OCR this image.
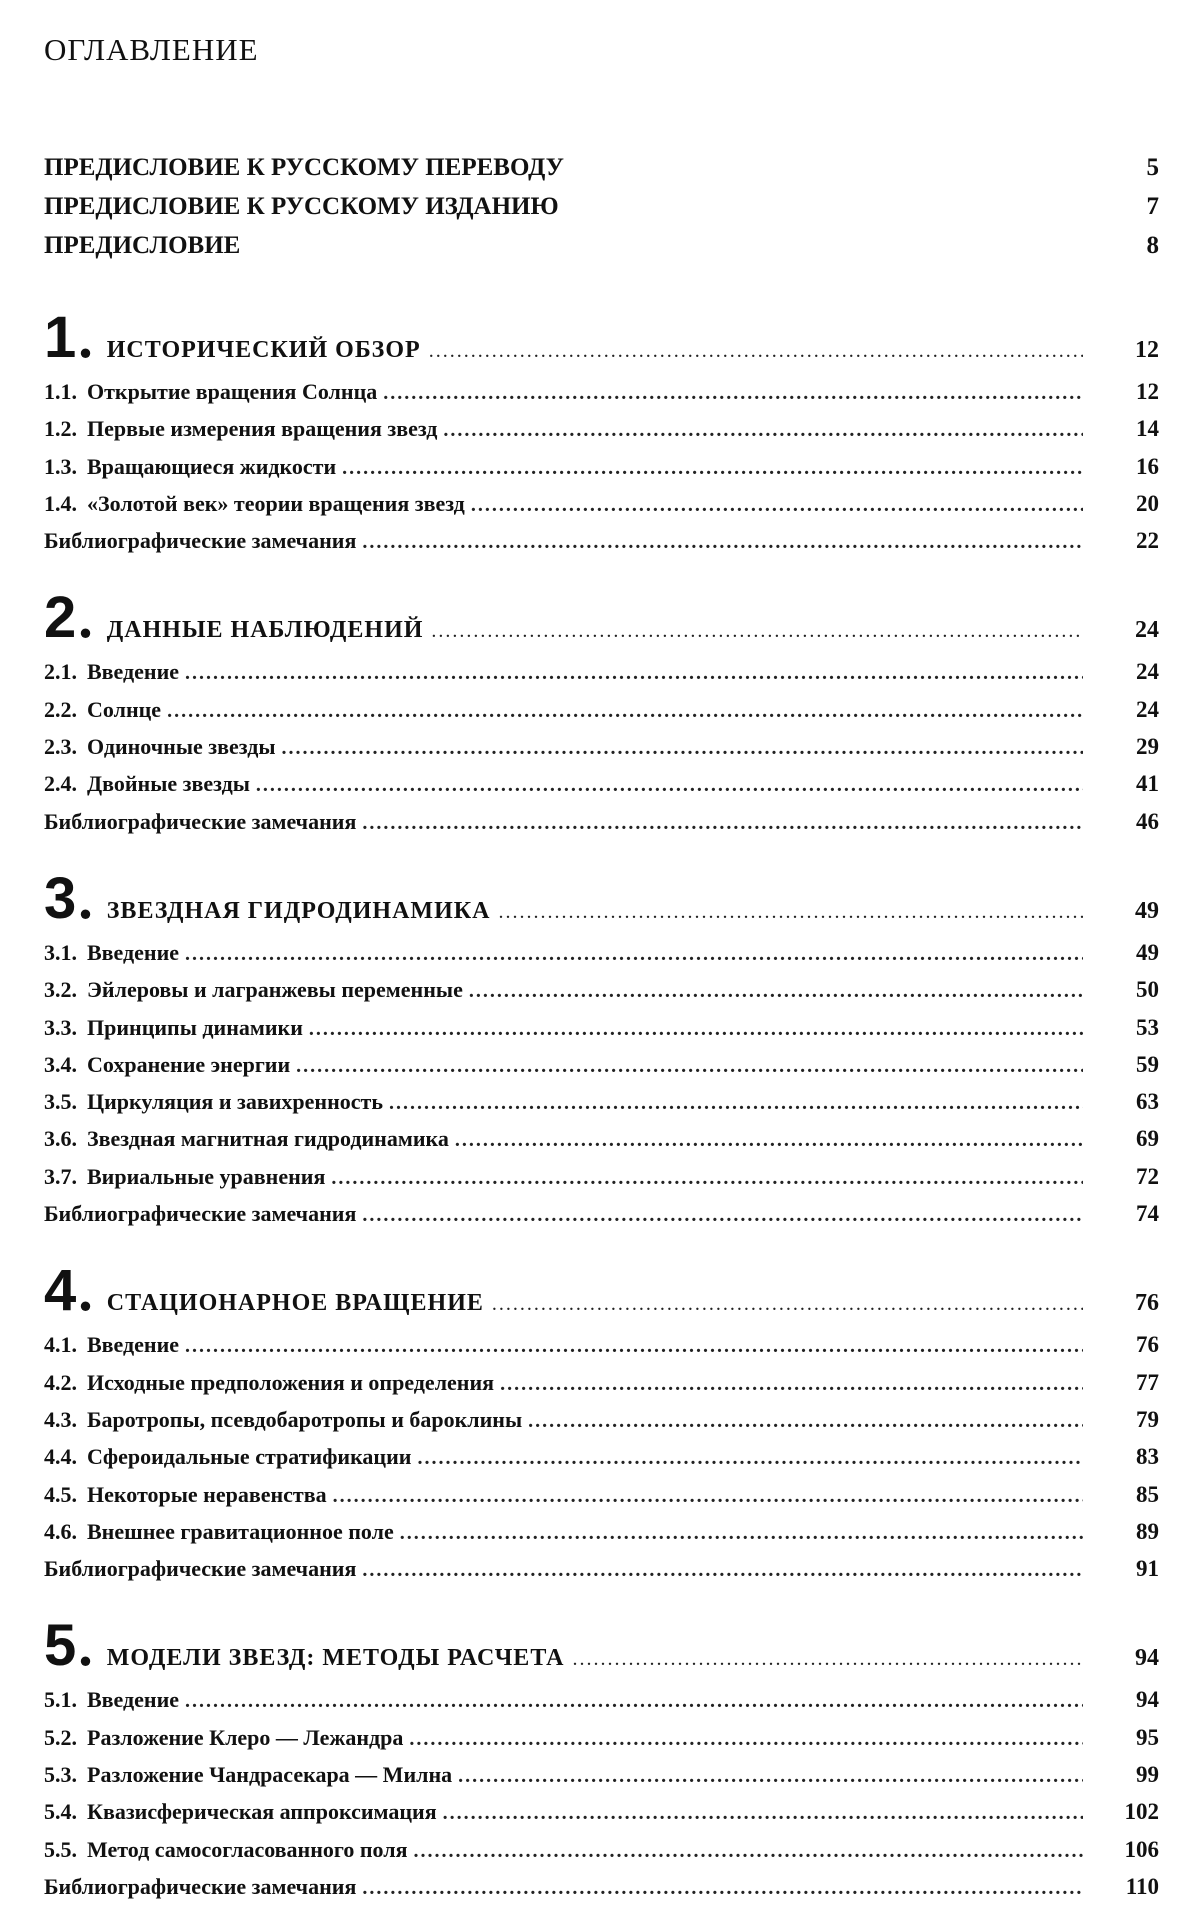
ОГЛАВЛЕНИЕ
ПРЕДИСЛОВИЕ К РУССКОМУ ПЕРЕВОДУ	5
ПРЕДИСЛОВИЕ К РУССКОМУ ИЗДАНИЮ	7
ПРЕДИСЛОВИЕ	8
1 . ИСТОРИЧЕСКИЙ ОБЗОР .....	12
1.1. Открытие вращения Солнца .....	12
1.2. Первые измерения вращения звезд .....	14
1.3. Вращающиеся жидкости .....	16
1.4. «Золотой век» теории вращения звезд .....	20
Библиографические замечания .....	22
2 . ДАННЫЕ НАБЛЮДЕНИЙ .....	24
2.1. Введение .....	24
2.2. Солнце .....	24
2.3. Одиночные звезды .....	29
2.4. Двойные звезды .....	41
Библиографические замечания .....	46
3 . ЗВЕЗДНАЯ ГИДРОДИНАМИКА .....	49
3.1. Введение .....	49
3.2. Эйлеровы и лагранжевы переменные .....	50
3.3. Принципы динамики .....	53
3.4. Сохранение энергии .....	59
3.5. Циркуляция и завихренность .....	63
3.6. Звездная магнитная гидродинамика .....	69
3.7. Вириальные уравнения .....	72
Библиографические замечания .....	74
4 . СТАЦИОНАРНОЕ ВРАЩЕНИЕ .....	76
4.1. Введение .....	76
4.2. Исходные предположения и определения .....	77
4.3. Баротропы, псевдобаротропы и бароклины .....	79
4.4. Сфероидальные стратификации .....	83
4.5. Некоторые неравенства .....	85
4.6. Внешнее гравитационное поле .....	89
Библиографические замечания .....	91
5 . МОДЕЛИ ЗВЕЗД: МЕТОДЫ РАСЧЕТА .....	94
5.1. Введение .....	94
5.2. Разложение Клеро — Лежандра .....	95
5.3. Разложение Чандрасекара — Милна .....	99
5.4. Квазисферическая аппроксимация .....	102
5.5. Метод самосогласованного поля .....	106
Библиографические замечания .....	110
